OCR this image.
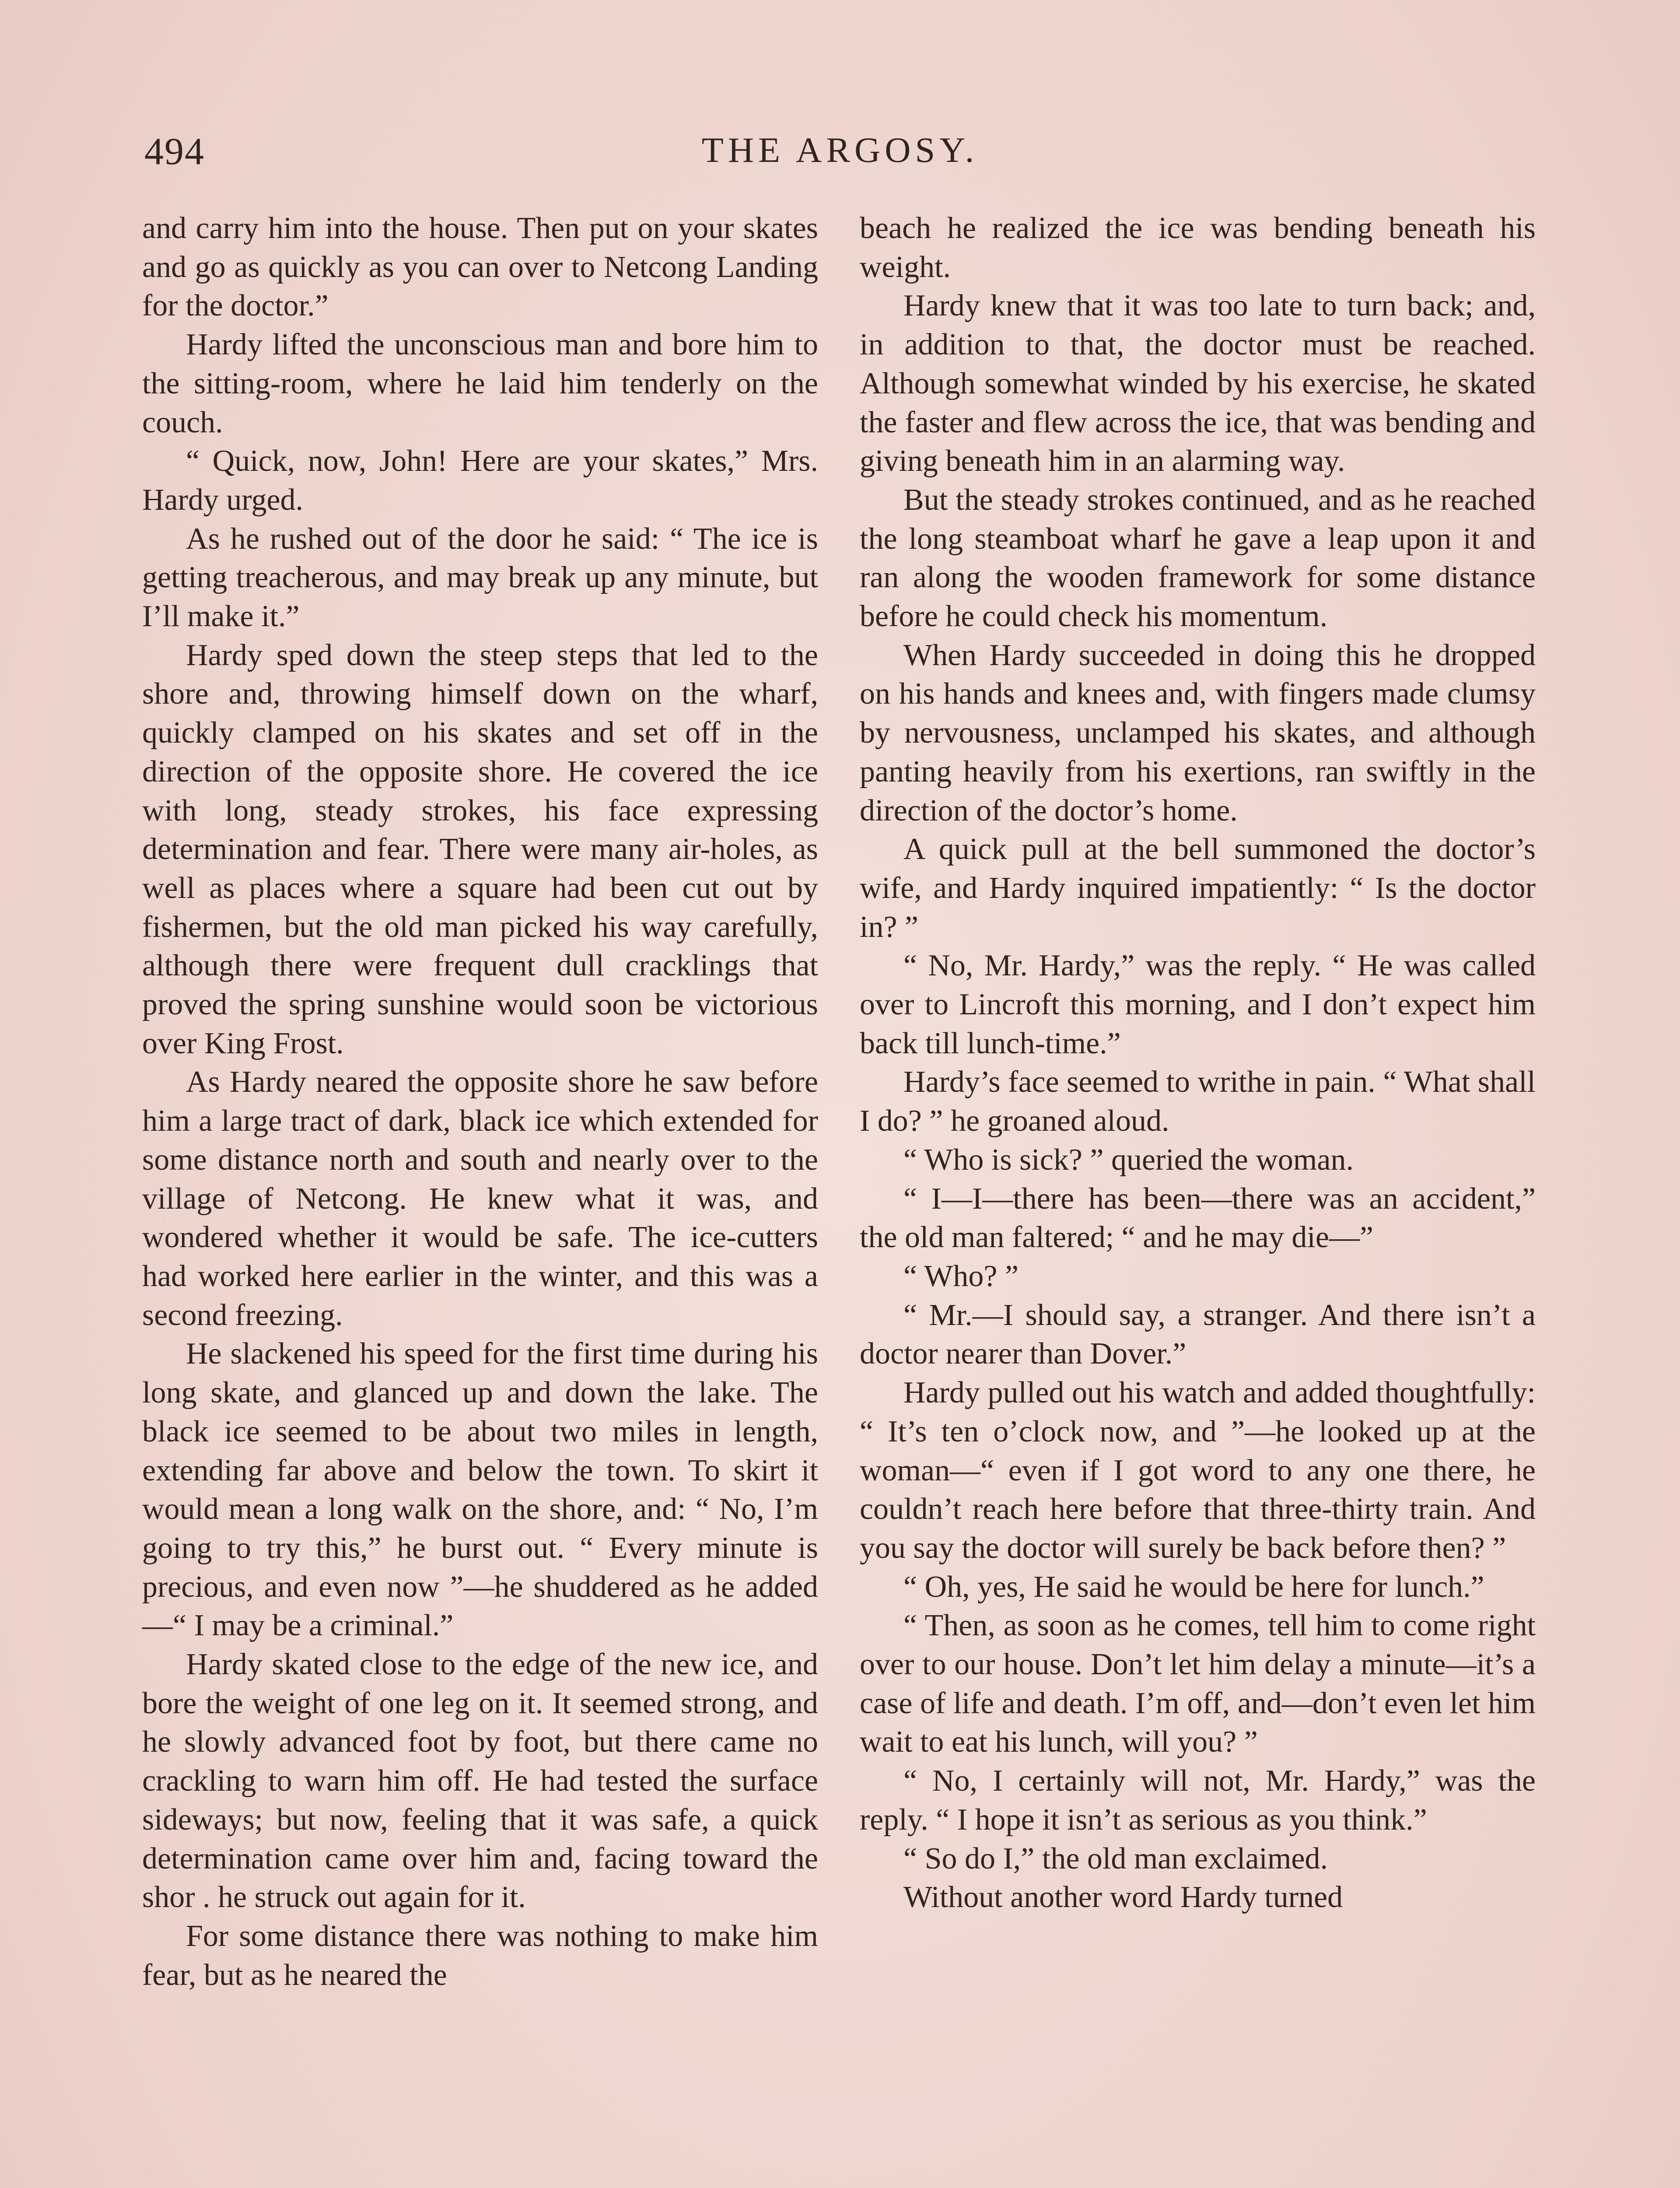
494	THE ARGOSY.

and carry him into the house. Then put on your skates and go as quickly as you can over to Netcong Landing for the doctor.”

Hardy lifted the unconscious man and bore him to the sitting-room, where he laid him tenderly on the couch.

“ Quick, now, John! Here are your skates,” Mrs. Hardy urged.

As he rushed out of the door he said: “ The ice is getting treacherous, and may break up any minute, but I’ll make it.”

Hardy sped down the steep steps that led to the shore and, throwing himself down on the wharf, quickly clamped on his skates and set off in the direction of the opposite shore. He covered the ice with long, steady strokes, his face expressing determination and fear. There were many air-holes, as well as places where a square had been cut out by fishermen, but the old man picked his way carefully, although there were frequent dull cracklings that proved the spring sunshine would soon be victorious over King Frost.

As Hardy neared the opposite shore he saw before him a large tract of dark, black ice which extended for some distance north and south and nearly over to the village of Netcong. He knew what it was, and wondered whether it would be safe. The ice-cutters had worked here earlier in the winter, and this was a second freezing.

He slackened his speed for the first time during his long skate, and glanced up and down the lake. The black ice seemed to be about two miles in length, extending far above and below the town. To skirt it would mean a long walk on the shore, and: “ No, I’m going to try this,” he burst out. “ Every minute is precious, and even now ”—he shuddered as he added—“ I may be a criminal.”

Hardy skated close to the edge of the new ice, and bore the weight of one leg on it. It seemed strong, and he slowly advanced foot by foot, but there came no crackling to warn him off. He had tested the surface sideways; but now, feeling that it was safe, a quick determination came over him and, facing toward the shor . he struck out again for it.

For some distance there was nothing to make him fear, but as he neared the

beach he realized the ice was bending beneath his weight.

Hardy knew that it was too late to turn back; and, in addition to that, the doctor must be reached. Although somewhat winded by his exercise, he skated the faster and flew across the ice, that was bending and giving beneath him in an alarming way.

But the steady strokes continued, and as he reached the long steamboat wharf he gave a leap upon it and ran along the wooden framework for some distance before he could check his momentum.

When Hardy succeeded in doing this he dropped on his hands and knees and, with fingers made clumsy by nervousness, unclamped his skates, and although panting heavily from his exertions, ran swiftly in the direction of the doctor’s home.

A quick pull at the bell summoned the doctor’s wife, and Hardy inquired impatiently: “ Is the doctor in? ”

“ No, Mr. Hardy,” was the reply. “ He was called over to Lincroft this morning, and I don’t expect him back till lunch-time.”

Hardy’s face seemed to writhe in pain. “ What shall I do? ” he groaned aloud.

“ Who is sick? ” queried the woman.

“ I—I—there has been—there was an accident,” the old man faltered; “ and he may die—”

“ Who? ”

“ Mr.—I should say, a stranger. And there isn’t a doctor nearer than Dover.”

Hardy pulled out his watch and added thoughtfully: “ It’s ten o’clock now, and ”—he looked up at the woman—“ even if I got word to any one there, he couldn’t reach here before that three-thirty train. And you say the doctor will surely be back before then? ”

“ Oh, yes, He said he would be here for lunch.”

“ Then, as soon as he comes, tell him to come right over to our house. Don’t let him delay a minute—it’s a case of life and death. I’m off, and—don’t even let him wait to eat his lunch, will you? ”

“ No, I certainly will not, Mr. Hardy,” was the reply. “ I hope it isn’t as serious as you think.”

“ So do I,” the old man exclaimed.

Without another word Hardy turned
